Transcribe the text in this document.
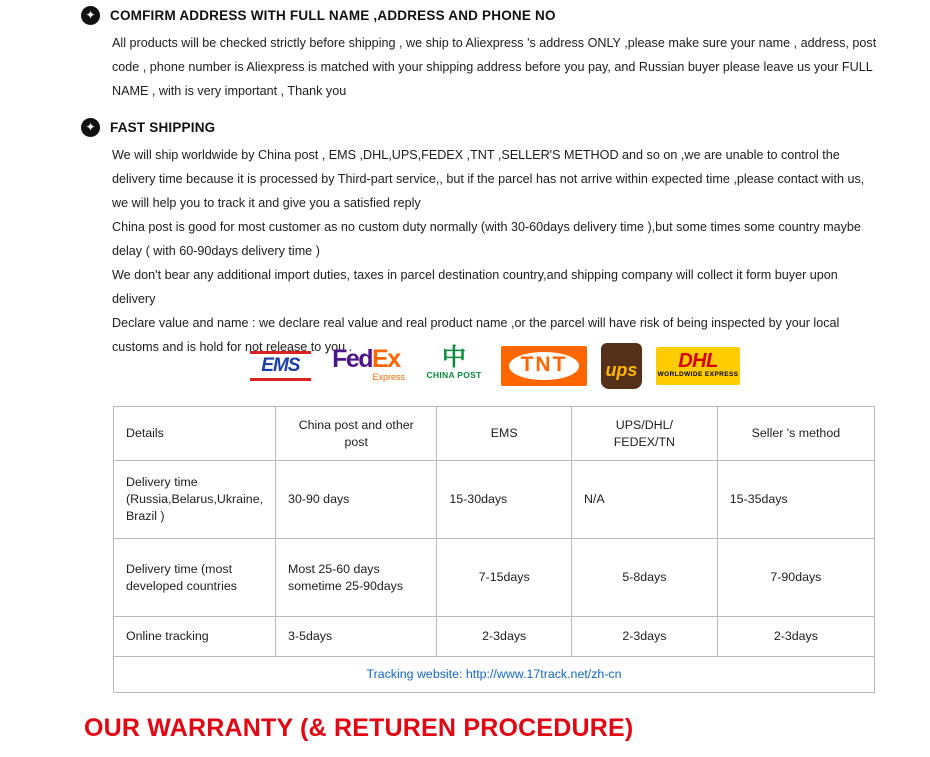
✦
COMFIRM ADDRESS WITH FULL NAME ,ADDRESS AND PHONE NO

All products will be checked strictly before shipping , we ship to Aliexpress 's address ONLY ,please make sure your name , address, post code , phone number is Aliexpress is matched with your shipping address before you pay, and Russian buyer please leave us your FULL NAME , with is very important , Thank you

✦
FAST SHIPPING

We will ship worldwide by China post , EMS ,DHL,UPS,FEDEX ,TNT ,SELLER'S METHOD and so on ,we are unable to control the delivery time because it is processed by Third-part service,, but if the parcel has not arrive within expected time ,please contact with us, we will help you to track it and give you a satisfied reply

China post is good for most customer as no custom duty normally (with 30-60days delivery time ),but some times some country maybe delay ( with 60-90days delivery time )

We don't bear any additional import duties, taxes in parcel destination country,and shipping company will collect it form buyer upon delivery

Declare value and name : we declare real value and real product name ,or the parcel will have risk of being inspected by your local customs and is hold for not release to you .

EMS FedEx
Express
中
CHINA POST	TNT	ups	DHL
WORLDWIDE EXPRESS
Details	China post and other post	EMS	UPS/DHL/ FEDEX/TN	Seller 's method
Delivery time (Russia,Belarus,Ukraine, Brazil )	30-90 days	15-30days	N/A	15-35days
Delivery time (most developed countries	Most 25-60 days sometime 25-90days	7-15days	5-8days	7-90days
Online tracking	3-5days	2-3days	2-3days	2-3days
Tracking website: http://www.17track.net/zh-cn				
OUR WARRANTY (& RETUREN PROCEDURE)
